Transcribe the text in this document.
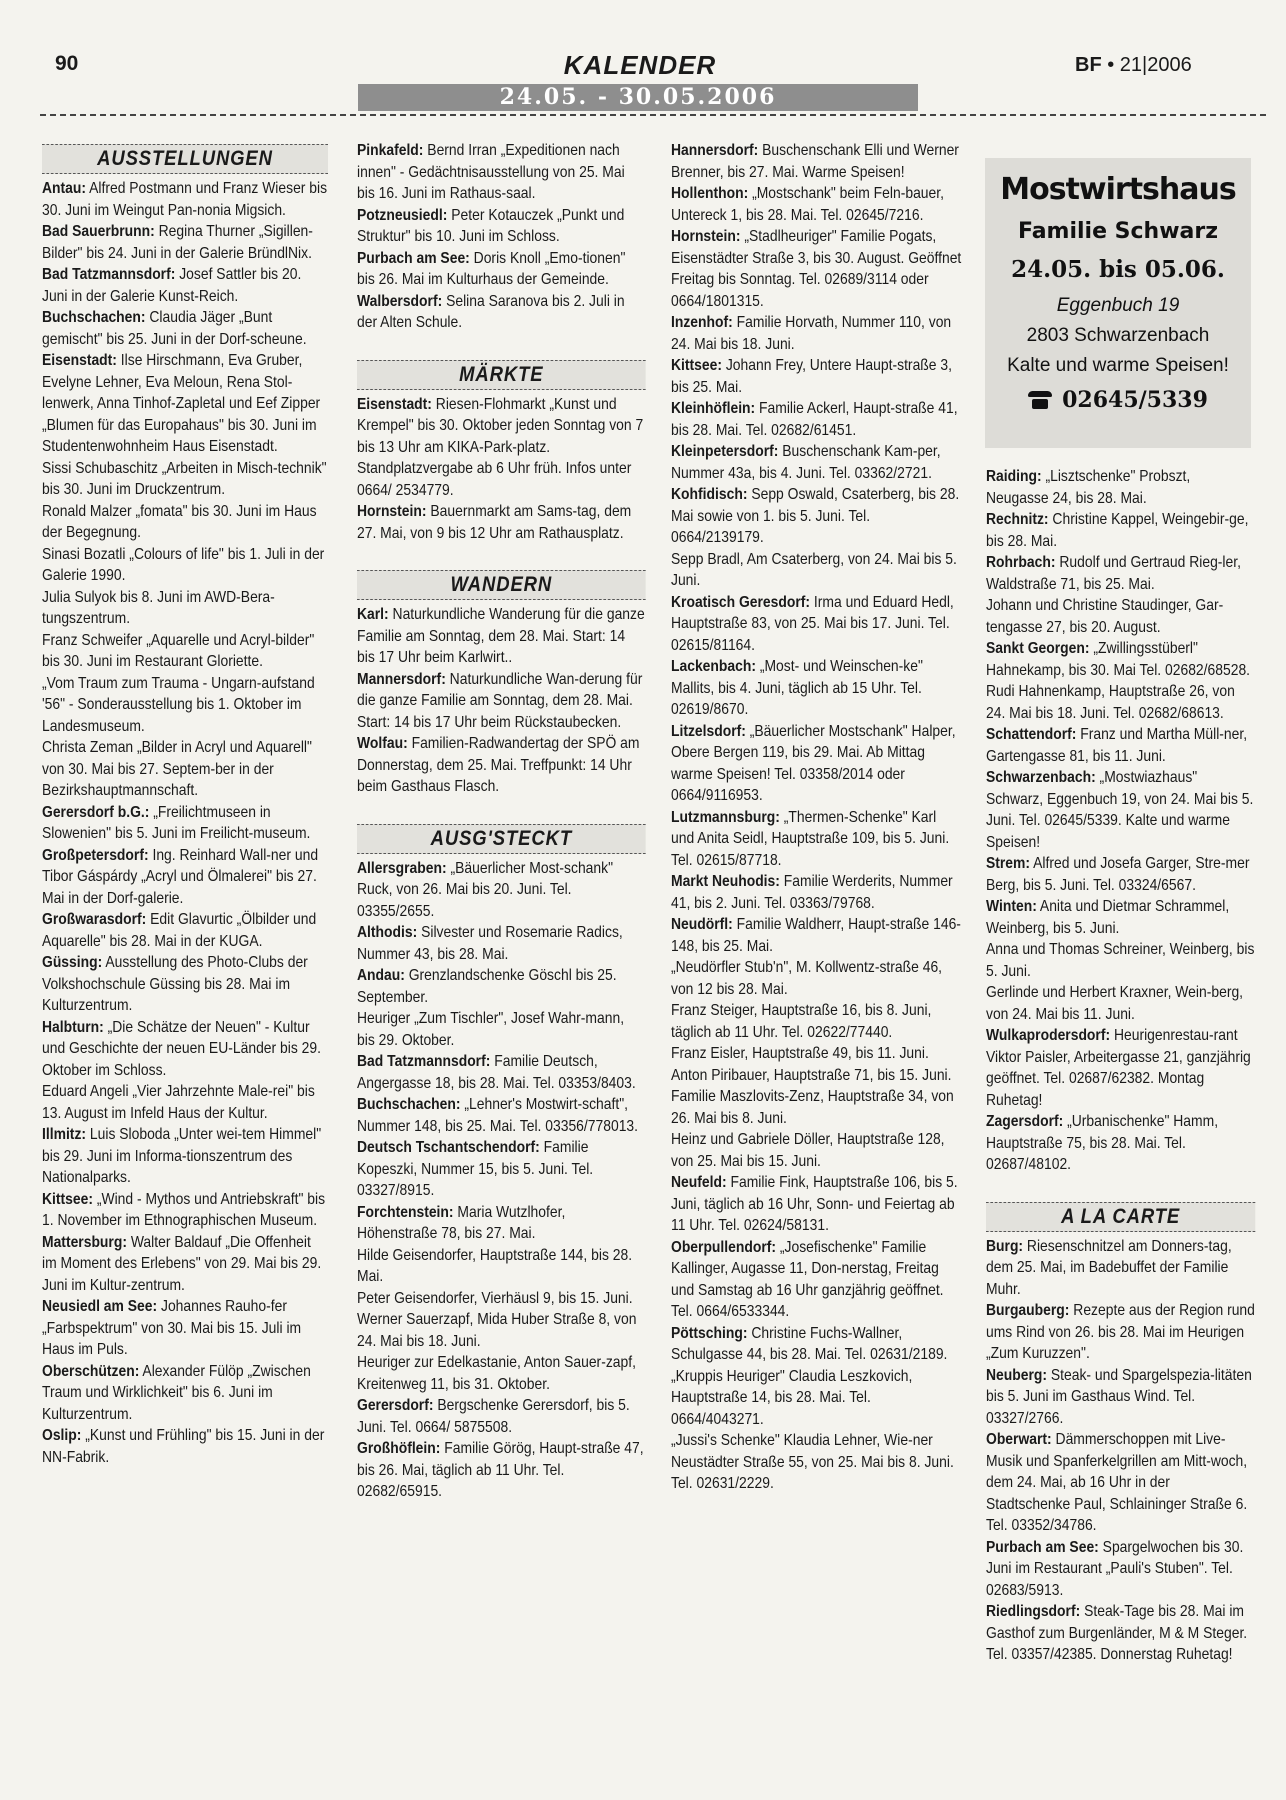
90	KALENDER
24.05. - 30.05.2006
BF • 21|2006
AUSSTELLUNGEN

Antau: Alfred Postmann und Franz Wieser bis 30. Juni im Weingut Pan-nonia Migsich.

Bad Sauerbrunn: Regina Thurner „Sigillen-Bilder" bis 24. Juni in der Galerie BründlNix.

Bad Tatzmannsdorf: Josef Sattler bis 20. Juni in der Galerie Kunst-Reich.

Buchschachen: Claudia Jäger „Bunt gemischt" bis 25. Juni in der Dorf-scheune.

Eisenstadt: Ilse Hirschmann, Eva Gruber, Evelyne Lehner, Eva Meloun, Rena Stol-lenwerk, Anna Tinhof-Zapletal und Eef Zipper „Blumen für das Europahaus" bis 30. Juni im Studentenwohnheim Haus Eisenstadt.

Sissi Schubaschitz „Arbeiten in Misch-technik" bis 30. Juni im Druckzentrum.

Ronald Malzer „fomata" bis 30. Juni im Haus der Begegnung.

Sinasi Bozatli „Colours of life" bis 1. Juli in der Galerie 1990.

Julia Sulyok bis 8. Juni im AWD-Bera-tungszentrum.

Franz Schweifer „Aquarelle und Acryl-bilder" bis 30. Juni im Restaurant Gloriette.

„Vom Traum zum Trauma - Ungarn-aufstand '56" - Sonderausstellung bis 1. Oktober im Landesmuseum.

Christa Zeman „Bilder in Acryl und Aquarell" von 30. Mai bis 27. Septem-ber in der Bezirkshauptmannschaft.

Gerersdorf b.G.: „Freilichtmuseen in Slowenien" bis 5. Juni im Freilicht-museum.

Großpetersdorf: Ing. Reinhard Wall-ner und Tibor Gáspárdy „Acryl und Ölmalerei" bis 27. Mai in der Dorf-galerie.

Großwarasdorf: Edit Glavurtic „Ölbilder und Aquarelle" bis 28. Mai in der KUGA.

Güssing: Ausstellung des Photo-Clubs der Volkshochschule Güssing bis 28. Mai im Kulturzentrum.

Halbturn: „Die Schätze der Neuen" - Kultur und Geschichte der neuen EU-Länder bis 29. Oktober im Schloss.

Eduard Angeli „Vier Jahrzehnte Male-rei" bis 13. August im Infeld Haus der Kultur.

Illmitz: Luis Sloboda „Unter wei-tem Himmel" bis 29. Juni im Informa-tionszentrum des Nationalparks.

Kittsee: „Wind - Mythos und Antriebskraft" bis 1. November im Ethnographischen Museum.

Mattersburg: Walter Baldauf „Die Offenheit im Moment des Erlebens" von 29. Mai bis 29. Juni im Kultur-zentrum.

Neusiedl am See: Johannes Rauho-fer „Farbspektrum" von 30. Mai bis 15. Juli im Haus im Puls.

Oberschützen: Alexander Fülöp „Zwischen Traum und Wirklichkeit" bis 6. Juni im Kulturzentrum.

Oslip: „Kunst und Frühling" bis 15. Juni in der NN-Fabrik.

Pinkafeld: Bernd Irran „Expeditionen nach innen" - Gedächtnisausstellung von 25. Mai bis 16. Juni im Rathaus-saal.

Potzneusiedl: Peter Kotauczek „Punkt und Struktur" bis 10. Juni im Schloss.

Purbach am See: Doris Knoll „Emo-tionen" bis 26. Mai im Kulturhaus der Gemeinde.

Walbersdorf: Selina Saranova bis 2. Juli in der Alten Schule.

MÄRKTE

Eisenstadt: Riesen-Flohmarkt „Kunst und Krempel" bis 30. Oktober jeden Sonntag von 7 bis 13 Uhr am KIKA-Park-platz. Standplatzvergabe ab 6 Uhr früh. Infos unter 0664/ 2534779.

Hornstein: Bauernmarkt am Sams-tag, dem 27. Mai, von 9 bis 12 Uhr am Rathausplatz.

WANDERN

Karl: Naturkundliche Wanderung für die ganze Familie am Sonntag, dem 28. Mai. Start: 14 bis 17 Uhr beim Karlwirt..

Mannersdorf: Naturkundliche Wan-derung für die ganze Familie am Sonntag, dem 28. Mai. Start: 14 bis 17 Uhr beim Rückstaubecken.

Wolfau: Familien-Radwandertag der SPÖ am Donnerstag, dem 25. Mai. Treffpunkt: 14 Uhr beim Gasthaus Flasch.

AUSG'STECKT

Allersgraben: „Bäuerlicher Most-schank" Ruck, von 26. Mai bis 20. Juni. Tel. 03355/2655.

Althodis: Silvester und Rosemarie Radics, Nummer 43, bis 28. Mai.

Andau: Grenzlandschenke Göschl bis 25. September.

Heuriger „Zum Tischler", Josef Wahr-mann, bis 29. Oktober.

Bad Tatzmannsdorf: Familie Deutsch, Angergasse 18, bis 28. Mai. Tel. 03353/8403.

Buchschachen: „Lehner's Mostwirt-schaft", Nummer 148, bis 25. Mai. Tel. 03356/778013.

Deutsch Tschantschendorf: Familie Kopeszki, Nummer 15, bis 5. Juni. Tel. 03327/8915.

Forchtenstein: Maria Wutzlhofer, Höhenstraße 78, bis 27. Mai.

Hilde Geisendorfer, Hauptstraße 144, bis 28. Mai.

Peter Geisendorfer, Vierhäusl 9, bis 15. Juni.

Werner Sauerzapf, Mida Huber Straße 8, von 24. Mai bis 18. Juni.

Heuriger zur Edelkastanie, Anton Sauer-zapf, Kreitenweg 11, bis 31. Oktober.

Gerersdorf: Bergschenke Gerersdorf, bis 5. Juni. Tel. 0664/ 5875508.

Großhöflein: Familie Görög, Haupt-straße 47, bis 26. Mai, täglich ab 11 Uhr. Tel. 02682/65915.

Hannersdorf: Buschenschank Elli und Werner Brenner, bis 27. Mai. Warme Speisen!

Hollenthon: „Mostschank" beim Feln-bauer, Untereck 1, bis 28. Mai. Tel. 02645/7216.

Hornstein: „Stadlheuriger" Familie Pogats, Eisenstädter Straße 3, bis 30. August. Geöffnet Freitag bis Sonntag. Tel. 02689/3114 oder 0664/1801315.

Inzenhof: Familie Horvath, Nummer 110, von 24. Mai bis 18. Juni.

Kittsee: Johann Frey, Untere Haupt-straße 3, bis 25. Mai.

Kleinhöflein: Familie Ackerl, Haupt-straße 41, bis 28. Mai. Tel. 02682/61451.

Kleinpetersdorf: Buschenschank Kam-per, Nummer 43a, bis 4. Juni. Tel. 03362/2721.

Kohfidisch: Sepp Oswald, Csaterberg, bis 28. Mai sowie von 1. bis 5. Juni. Tel. 0664/2139179.

Sepp Bradl, Am Csaterberg, von 24. Mai bis 5. Juni.

Kroatisch Geresdorf: Irma und Eduard Hedl, Hauptstraße 83, von 25. Mai bis 17. Juni. Tel. 02615/81164.

Lackenbach: „Most- und Weinschen-ke" Mallits, bis 4. Juni, täglich ab 15 Uhr. Tel. 02619/8670.

Litzelsdorf: „Bäuerlicher Mostschank" Halper, Obere Bergen 119, bis 29. Mai. Ab Mittag warme Speisen! Tel. 03358/2014 oder 0664/9116953.

Lutzmannsburg: „Thermen-Schenke" Karl und Anita Seidl, Hauptstraße 109, bis 5. Juni. Tel. 02615/87718.

Markt Neuhodis: Familie Werderits, Nummer 41, bis 2. Juni. Tel. 03363/79768.

Neudörfl: Familie Waldherr, Haupt-straße 146-148, bis 25. Mai.

„Neudörfler Stub'n", M. Kollwentz-straße 46, von 12 bis 28. Mai.

Franz Steiger, Hauptstraße 16, bis 8. Juni, täglich ab 11 Uhr. Tel. 02622/77440.

Franz Eisler, Hauptstraße 49, bis 11. Juni.

Anton Piribauer, Hauptstraße 71, bis 15. Juni.

Familie Maszlovits-Zenz, Hauptstraße 34, von 26. Mai bis 8. Juni.

Heinz und Gabriele Döller, Hauptstraße 128, von 25. Mai bis 15. Juni.

Neufeld: Familie Fink, Hauptstraße 106, bis 5. Juni, täglich ab 16 Uhr, Sonn- und Feiertag ab 11 Uhr. Tel. 02624/58131.

Oberpullendorf: „Josefischenke" Familie Kallinger, Augasse 11, Don-nerstag, Freitag und Samstag ab 16 Uhr ganzjährig geöffnet. Tel. 0664/6533344.

Pöttsching: Christine Fuchs-Wallner, Schulgasse 44, bis 28. Mai. Tel. 02631/2189.

„Kruppis Heuriger" Claudia Leszkovich, Hauptstraße 14, bis 28. Mai. Tel. 0664/4043271.

„Jussi's Schenke" Klaudia Lehner, Wie-ner Neustädter Straße 55, von 25. Mai bis 8. Juni. Tel. 02631/2229.

Mostwirtshaus
Familie Schwarz
24.05. bis 05.06.
Eggenbuch 19
2803 Schwarzenbach
Kalte und warme Speisen!
02645/5339

Raiding: „Lisztschenke" Probszt, Neugasse 24, bis 28. Mai.

Rechnitz: Christine Kappel, Weingebir-ge, bis 28. Mai.

Rohrbach: Rudolf und Gertraud Rieg-ler, Waldstraße 71, bis 25. Mai.

Johann und Christine Staudinger, Gar-tengasse 27, bis 20. August.

Sankt Georgen: „Zwillingsstüberl" Hahnekamp, bis 30. Mai Tel. 02682/68528.

Rudi Hahnenkamp, Hauptstraße 26, von 24. Mai bis 18. Juni. Tel. 02682/68613.

Schattendorf: Franz und Martha Müll-ner, Gartengasse 81, bis 11. Juni.

Schwarzenbach: „Mostwiazhaus" Schwarz, Eggenbuch 19, von 24. Mai bis 5. Juni. Tel. 02645/5339. Kalte und warme Speisen!

Strem: Alfred und Josefa Garger, Stre-mer Berg, bis 5. Juni. Tel. 03324/6567.

Winten: Anita und Dietmar Schrammel, Weinberg, bis 5. Juni.

Anna und Thomas Schreiner, Weinberg, bis 5. Juni.

Gerlinde und Herbert Kraxner, Wein-berg, von 24. Mai bis 11. Juni.

Wulkaprodersdorf: Heurigenrestau-rant Viktor Paisler, Arbeitergasse 21, ganzjährig geöffnet. Tel. 02687/62382. Montag Ruhetag!

Zagersdorf: „Urbanischenke" Hamm, Hauptstraße 75, bis 28. Mai. Tel. 02687/48102.

A LA CARTE

Burg: Riesenschnitzel am Donners-tag, dem 25. Mai, im Badebuffet der Familie Muhr.

Burgauberg: Rezepte aus der Region rund ums Rind von 26. bis 28. Mai im Heurigen „Zum Kuruzzen".

Neuberg: Steak- und Spargelspezia-litäten bis 5. Juni im Gasthaus Wind. Tel. 03327/2766.

Oberwart: Dämmerschoppen mit Live-Musik und Spanferkelgrillen am Mitt-woch, dem 24. Mai, ab 16 Uhr in der Stadtschenke Paul, Schlaininger Straße 6. Tel. 03352/34786.

Purbach am See: Spargelwochen bis 30. Juni im Restaurant „Pauli's Stuben". Tel. 02683/5913.

Riedlingsdorf: Steak-Tage bis 28. Mai im Gasthof zum Burgenländer, M & M Steger. Tel. 03357/42385. Donnerstag Ruhetag!
